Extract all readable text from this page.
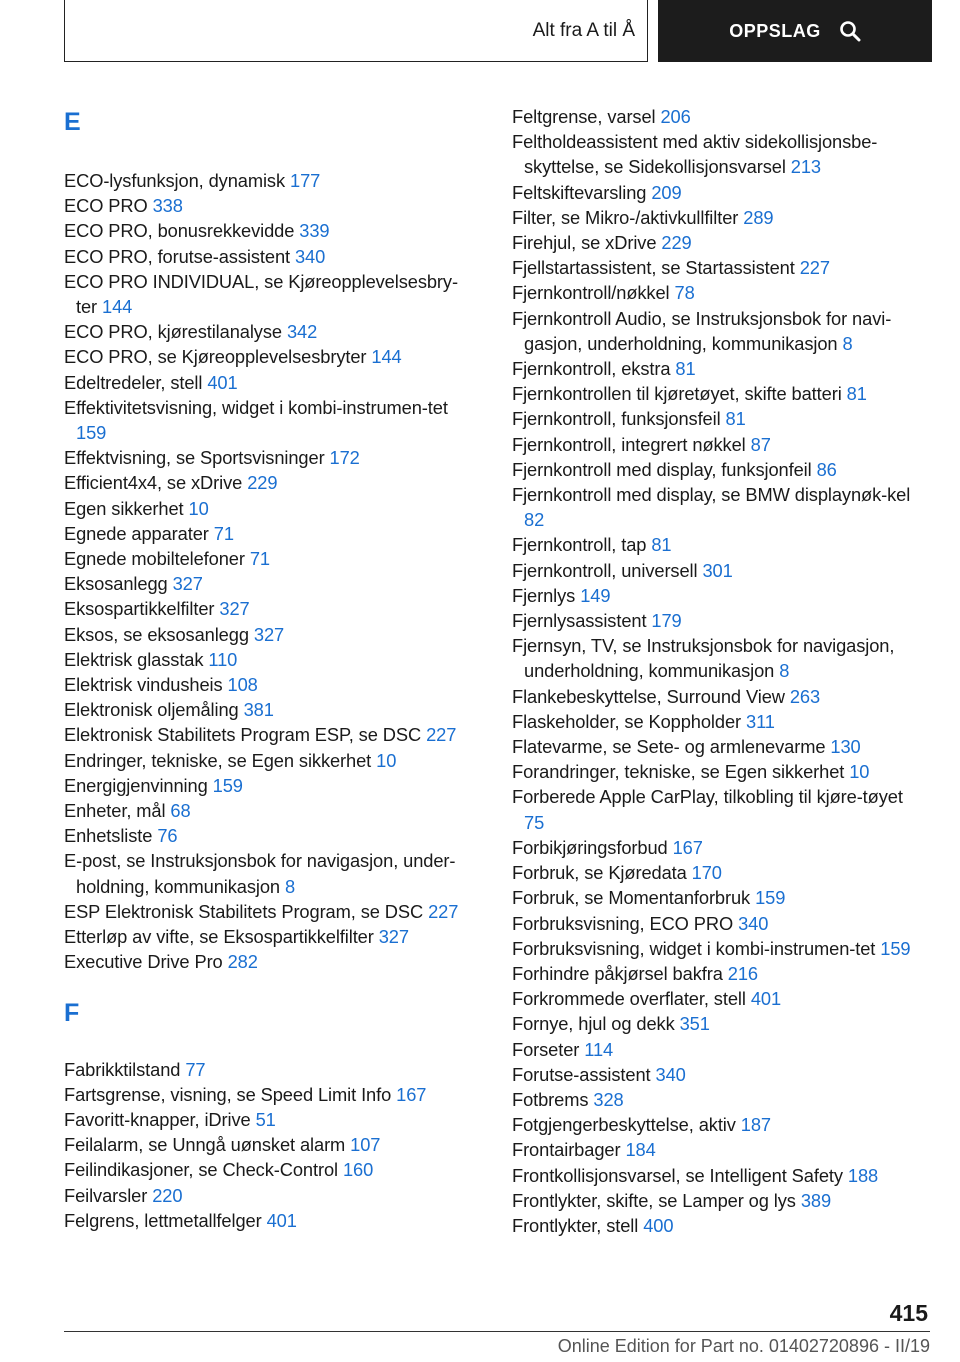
Alt fra A til Å	OPPSLAG

E

ECO-lysfunksjon, dynamisk 177

ECO PRO 338

ECO PRO, bonusrekkevidde 339

ECO PRO, forutse-assistent 340

ECO PRO INDIVIDUAL, se Kjøreopplevelsesbry‐ter 144

ECO PRO, kjørestilanalyse 342

ECO PRO, se Kjøreopplevelsesbryter 144

Edeltredeler, stell 401

Effektivitetsvisning, widget i kombi-instrumen‐tet 159

Effektvisning, se Sportsvisninger 172

Efficient4x4, se xDrive 229

Egen sikkerhet 10

Egnede apparater 71

Egnede mobiltelefoner 71

Eksosanlegg 327

Eksospartikkelfilter 327

Eksos, se eksosanlegg 327

Elektrisk glasstak 110

Elektrisk vindusheis 108

Elektronisk oljemåling 381

Elektronisk Stabilitets Program ESP, se DSC 227

Endringer, tekniske, se Egen sikkerhet 10

Energigjenvinning 159

Enheter, mål 68

Enhetsliste 76

E-post, se Instruksjonsbok for navigasjon, under‐holdning, kommunikasjon 8

ESP Elektronisk Stabilitets Program, se DSC 227

Etterløp av vifte, se Eksospartikkelfilter 327

Executive Drive Pro 282

F

Fabrikktilstand 77

Fartsgrense, visning, se Speed Limit Info 167

Favoritt-knapper, iDrive 51

Feilalarm, se Unngå uønsket alarm 107

Feilindikasjoner, se Check-Control 160

Feilvarsler 220

Felgrens, lettmetallfelger 401

Feltgrense, varsel 206

Feltholdeassistent med aktiv sidekollisjonsbe‐skyttelse, se Sidekollisjonsvarsel 213

Feltskiftevarsling 209

Filter, se Mikro-/aktivkullfilter 289

Firehjul, se xDrive 229

Fjellstartassistent, se Startassistent 227

Fjernkontroll/nøkkel 78

Fjernkontroll Audio, se Instruksjonsbok for navi‐gasjon, underholdning, kommunikasjon 8

Fjernkontroll, ekstra 81

Fjernkontrollen til kjøretøyet, skifte batteri 81

Fjernkontroll, funksjonsfeil 81

Fjernkontroll, integrert nøkkel 87

Fjernkontroll med display, funksjonfeil 86

Fjernkontroll med display, se BMW displaynøk‐kel 82

Fjernkontroll, tap 81

Fjernkontroll, universell 301

Fjernlys 149

Fjernlysassistent 179

Fjernsyn, TV, se Instruksjonsbok for navigasjon, underholdning, kommunikasjon 8

Flankebeskyttelse, Surround View 263

Flaskeholder, se Koppholder 311

Flatevarme, se Sete- og armlenevarme 130

Forandringer, tekniske, se Egen sikkerhet 10

Forberede Apple CarPlay, tilkobling til kjøre‐tøyet 75

Forbikjøringsforbud 167

Forbruk, se Kjøredata 170

Forbruk, se Momentanforbruk 159

Forbruksvisning, ECO PRO 340

Forbruksvisning, widget i kombi-instrumen‐tet 159

Forhindre påkjørsel bakfra 216

Forkrommede overflater, stell 401

Fornye, hjul og dekk 351

Forseter 114

Forutse-assistent 340

Fotbrems 328

Fotgjengerbeskyttelse, aktiv 187

Frontairbager 184

Frontkollisjonsvarsel, se Intelligent Safety 188

Frontlykter, skifte, se Lamper og lys 389

Frontlykter, stell 400

415
Online Edition for Part no. 01402720896 - II/19
